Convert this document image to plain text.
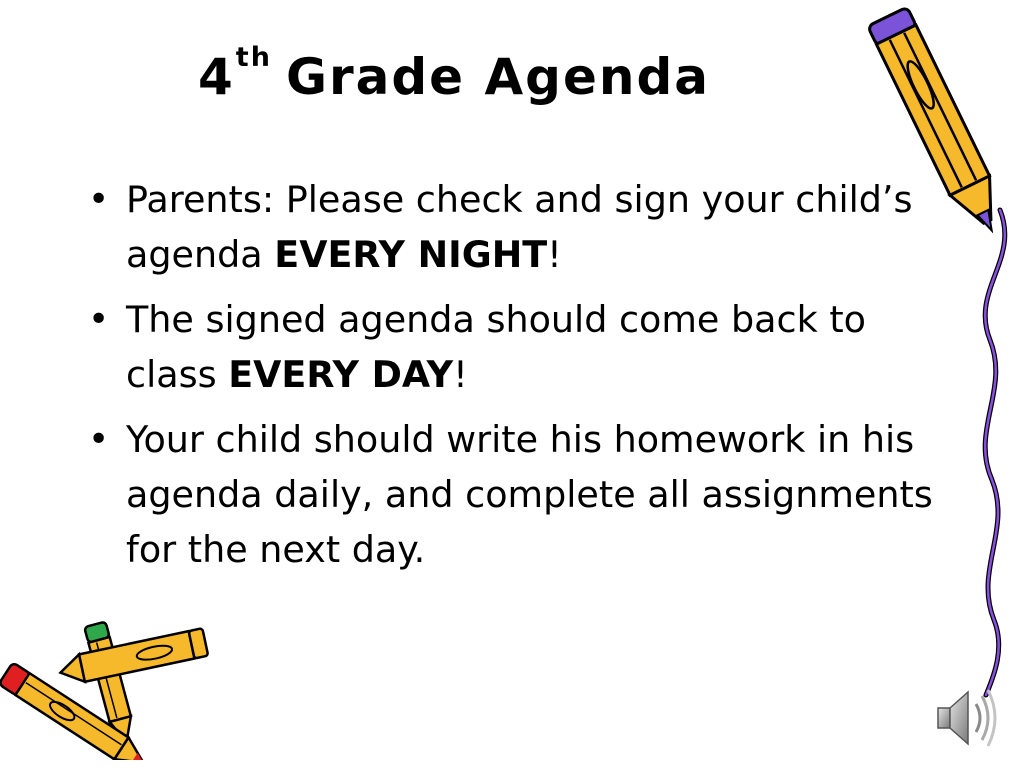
4th Grade Agenda
• Parents: Please check and sign your child’s agenda EVERY NIGHT!
• The signed agenda should come back to class EVERY DAY!
• Your child should write his homework in his agenda daily, and complete all assignments for the next day.
